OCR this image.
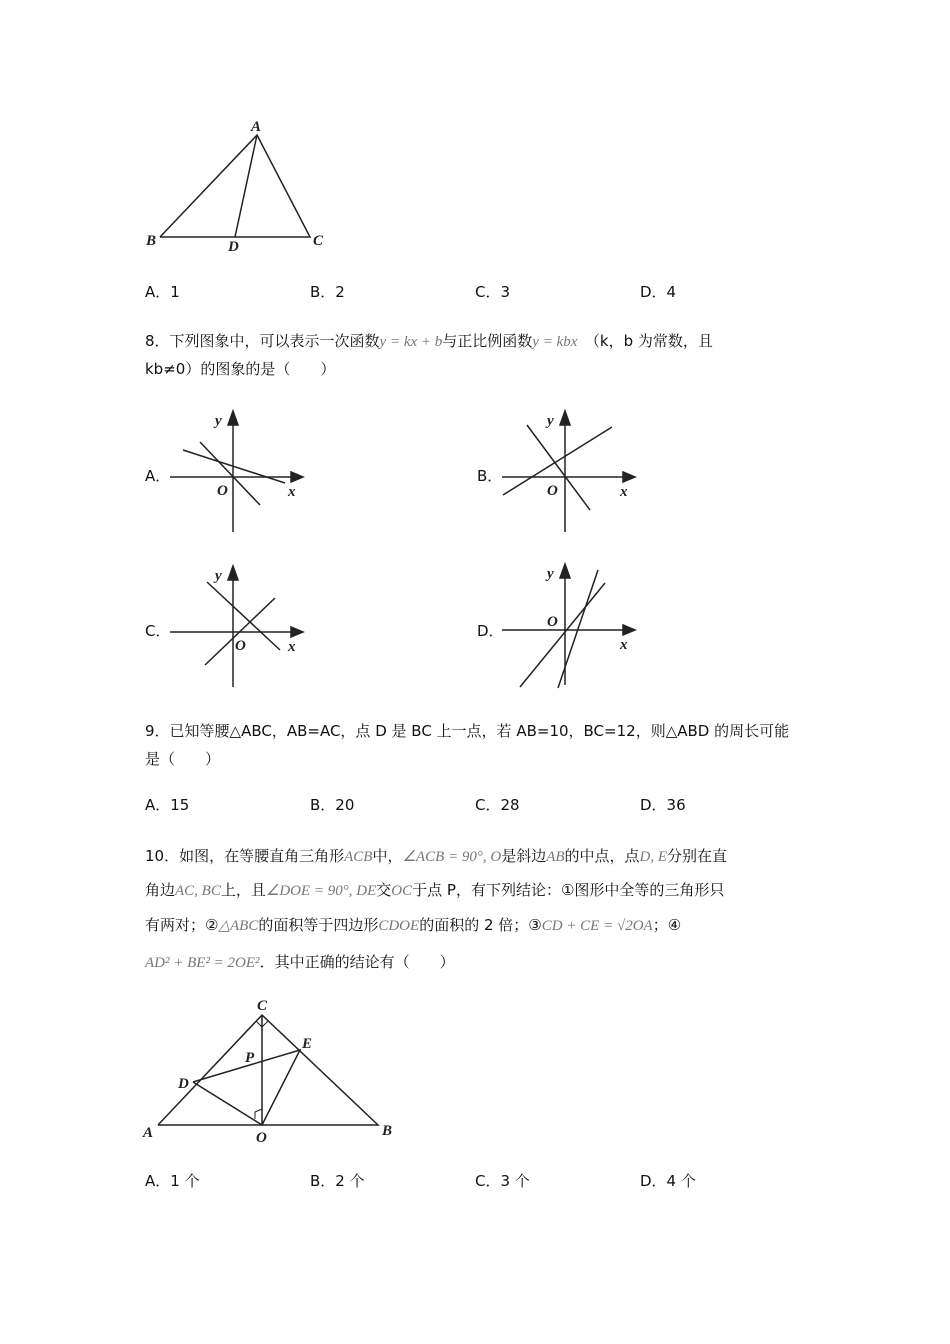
A
B	D	C
y
x
O
y
x
O
y
x
O
y
x
O
C
P
E
D
A	O	B
A．1	B．2	C．3	D．4
8．下列图象中，可以表示一次函数y = kx + b与正比例函数y = kbx　（k，b 为常数，且
kb≠0）的图象的是（　　）
9．已知等腰△ABC，AB=AC，点 D 是 BC 上一点，若 AB=10，BC=12，则△ABD 的周长可能
是（　　）
A．15	B．20	C．28	D．36
10．如图，在等腰直角三角形ACB中，∠ACB = 90°, O是斜边AB的中点，点D, E分别在直
角边AC, BC上，且∠DOE = 90°, DE交OC于点 P，有下列结论：①图形中全等的三角形只
有两对；②△ABC的面积等于四边形CDOE的面积的 2 倍；③CD + CE = √2OA；④
AD² + BE² = 2OE²．其中正确的结论有（　　）
A．1 个	B．2 个	C．3 个	D．4 个
A．	B．
C．	D．
